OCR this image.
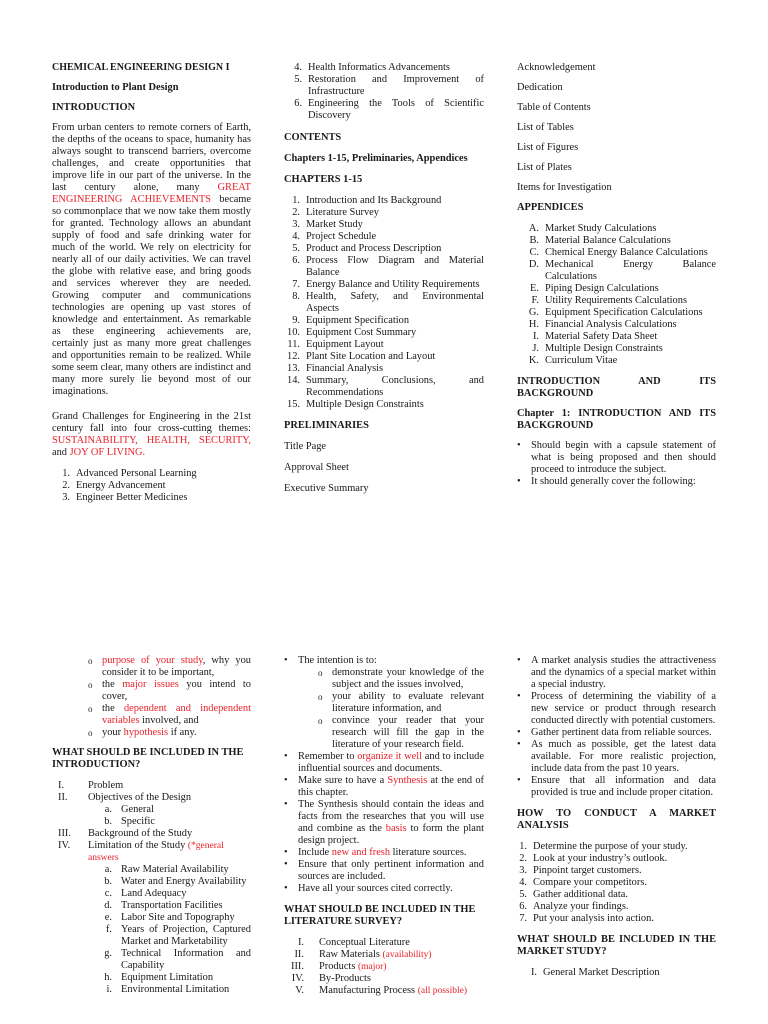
CHEMICAL ENGINEERING DESIGN I

Introduction to Plant Design

INTRODUCTION

From urban centers to remote corners of Earth, the depths of the oceans to space, humanity has always sought to transcend barriers, overcome challenges, and create opportunities that improve life in our part of the universe. In the last century alone, many GREAT ENGINEERING ACHIEVEMENTS became so commonplace that we now take them mostly for granted. Technology allows an abundant supply of food and safe drinking water for much of the world. We rely on electricity for nearly all of our daily activities. We can travel the globe with relative ease, and bring goods and services wherever they are needed. Growing computer and communications technologies are opening up vast stores of knowledge and entertainment. As remarkable as these engineering achievements are, certainly just as many more great challenges and opportunities remain to be realized. While some seem clear, many others are indistinct and many more surely lie beyond most of our imaginations.

Grand Challenges for Engineering in the 21st century fall into four cross-cutting themes: SUSTAINABILITY, HEALTH, SECURITY, and JOY OF LIVING.

1. Advanced Personal Learning
2. Energy Advancement
3. Engineer Better Medicines
4. Health Informatics Advancements
5. Restoration and Improvement of Infrastructure
6. Engineering the Tools of Scientific Discovery

CONTENTS

Chapters 1-15, Preliminaries, Appendices

CHAPTERS 1-15

1. Introduction and Its Background
2. Literature Survey
3. Market Study
4. Project Schedule
5. Product and Process Description
6. Process Flow Diagram and Material Balance
7. Energy Balance and Utility Requirements
8. Health, Safety, and Environmental Aspects
9. Equipment Specification
10. Equipment Cost Summary
11. Equipment Layout
12. Plant Site Location and Layout
13. Financial Analysis
14. Summary, Conclusions, and Recommendations
15. Multiple Design Constraints

PRELIMINARIES

Title Page

Approval Sheet

Executive Summary

Acknowledgement

Dedication

Table of Contents

List of Tables

List of Figures

List of Plates

Items for Investigation

APPENDICES

A. Market Study Calculations
B. Material Balance Calculations
C. Chemical Energy Balance Calculations
D. Mechanical Energy Balance Calculations
E. Piping Design Calculations
F. Utility Requirements Calculations
G. Equipment Specification Calculations
H. Financial Analysis Calculations
I. Material Safety Data Sheet
J. Multiple Design Constraints
K. Curriculum Vitae

INTRODUCTION AND ITS BACKGROUND

Chapter 1: INTRODUCTION AND ITS BACKGROUND

• Should begin with a capsule statement of what is being proposed and then should proceed to introduce the subject.
• It should generally cover the following:
o purpose of your study, why you consider it to be important,
o the major issues you intend to cover,
o the dependent and independent variables involved, and
o your hypothesis if any.

WHAT SHOULD BE INCLUDED IN THE INTRODUCTION?

I.	Problem
II.	Objectives of the Design
a. General
b. Specific
III. Background of the Study
IV.	Limitation of the Study (*general answers
a. Raw Material Availability
b. Water and Energy Availability
c. Land Adequacy
d. Transportation Facilities
e. Labor Site and Topography
f. Years of Projection, Captured Market and Marketability
g. Technical Information and Capability
h. Equipment Limitation
i. Environmental Limitation
• The intention is to:
o demonstrate your knowledge of the subject and the issues involved,
o your ability to evaluate relevant literature information, and
o convince your reader that your research will fill the gap in the literature of your research field.
• Remember to organize it well and to include influential sources and documents.
• Make sure to have a Synthesis at the end of this chapter.
• The Synthesis should contain the ideas and facts from the researches that you will use and combine as the basis to form the plant design project.
• Include new and fresh literature sources.
• Ensure that only pertinent information and sources are included.
• Have all your sources cited correctly.

WHAT SHOULD BE INCLUDED IN THE LITERATURE SURVEY?

I. Conceptual Literature
II. Raw Materials (availability)
III. Products (major)
IV. By-Products
V. Manufacturing Process (all possible)
• A market analysis studies the attractiveness and the dynamics of a special market within a special industry.
• Process of determining the viability of a new service or product through research conducted directly with potential customers.
• Gather pertinent data from reliable sources.
• As much as possible, get the latest data available. For more realistic projection, include data from the past 10 years.
• Ensure that all information and data provided is true and include proper citation.

HOW TO CONDUCT A MARKET ANALYSIS

1. Determine the purpose of your study.
2. Look at your industry’s outlook.
3. Pinpoint target customers.
4. Compare your competitors.
5. Gather additional data.
6. Analyze your findings.
7. Put your analysis into action.

WHAT SHOULD BE INCLUDED IN THE MARKET STUDY?

I. General Market Description
